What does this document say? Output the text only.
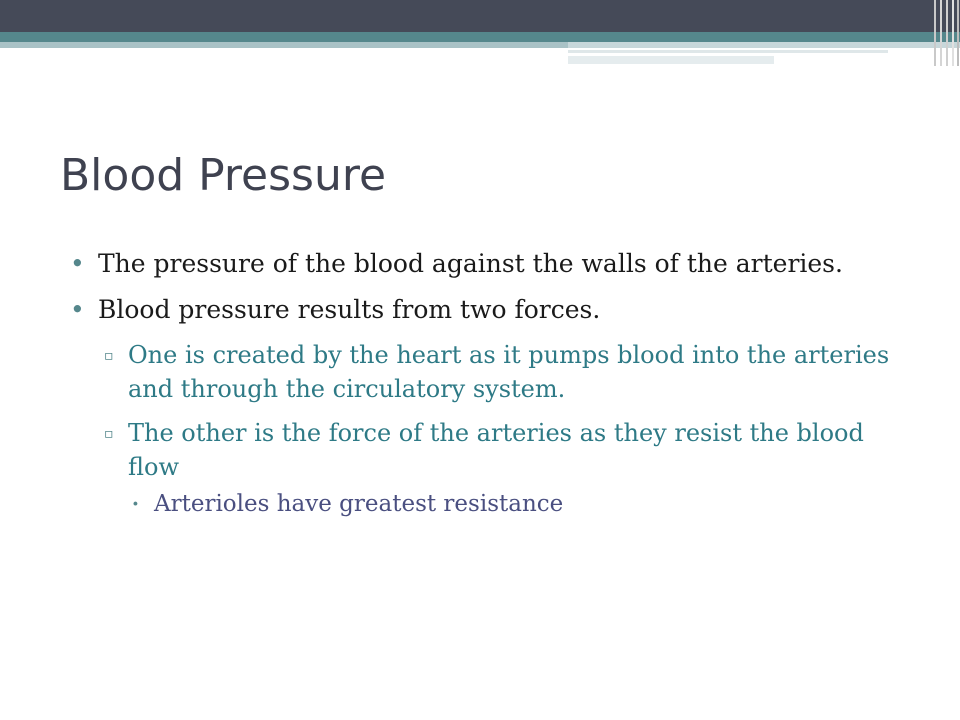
Blood Pressure
• The pressure of the blood against the walls of the arteries.
• Blood pressure results from two forces.
▫ One is created by the heart as it pumps blood into the arteries and through the circulatory system.
▫ The other is the force of the arteries as they resist the blood flow
∙ Arterioles have greatest resistance
